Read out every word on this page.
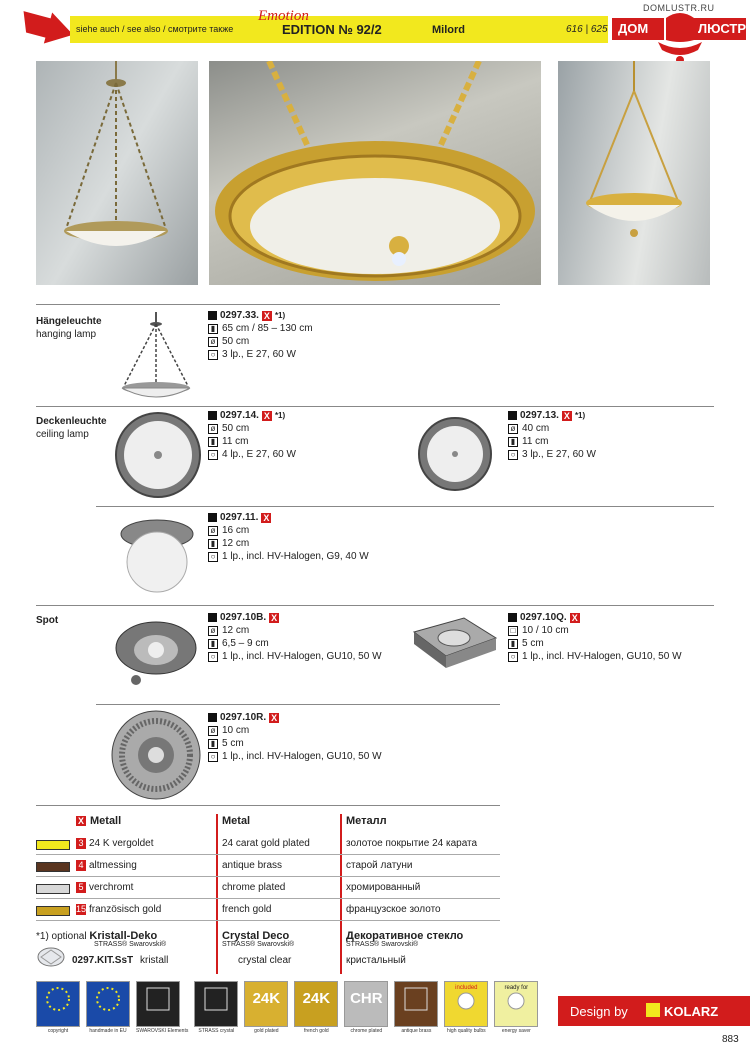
siehe auch / see also / смотрите также
Emotion
EDITION № 92/2	Milord	616 | 625
DOMLUSTR.RU
ДОМ	ЛЮСТР
Hängeleuchte
hanging lamp
0297.33. X *1)
▮ 65 cm / 85 – 130 cm
ø 50 cm
○ 3 lp., E 27, 60 W
Deckenleuchte
ceiling lamp
0297.14. X *1)
ø 50 cm
▮ 11 cm
○ 4 lp., E 27, 60 W
0297.13. X *1)
ø 40 cm
▮ 11 cm
○ 3 lp., E 27, 60 W
0297.11. X
ø 16 cm
▮ 12 cm
○ 1 lp., incl. HV-Halogen, G9, 40 W
Spot	0297.10B. X
ø 12 cm
▮ 6,5 – 9 cm
○ 1 lp., incl. HV-Halogen, GU10, 50 W
0297.10Q. X
□ 10 / 10 cm
▮ 5 cm
○ 1 lp., incl. HV-Halogen, GU10, 50 W
0297.10R. X
ø 10 cm
▮ 5 cm
○ 1 lp., incl. HV-Halogen, GU10, 50 W
X Metall	Metal	Металл
3 24 K vergoldet	24 carat gold plated	золотое покрытие 24 карата
4 altmessing	antique brass	старой латуни
5 verchromt	chrome plated	хромированный
15 französisch gold	french gold	французское золото
*1) optional Kristall-Deko
STRASS® Swarovski®
Crystal Deco
STRASS® Swarovski®
Декоративное стекло
STRASS® Swarovski®
0297.KIT.SsT kristall	crystal clear	кристальный
copyright	handmade in EU	SWAROVSKI Elements	STRASS crystal
24K
gold plated
24K
french gold
CHR
chrome plated	antique brass
included
high quality bulbs
ready for
energy saver
Design by	KOLARZ
883
